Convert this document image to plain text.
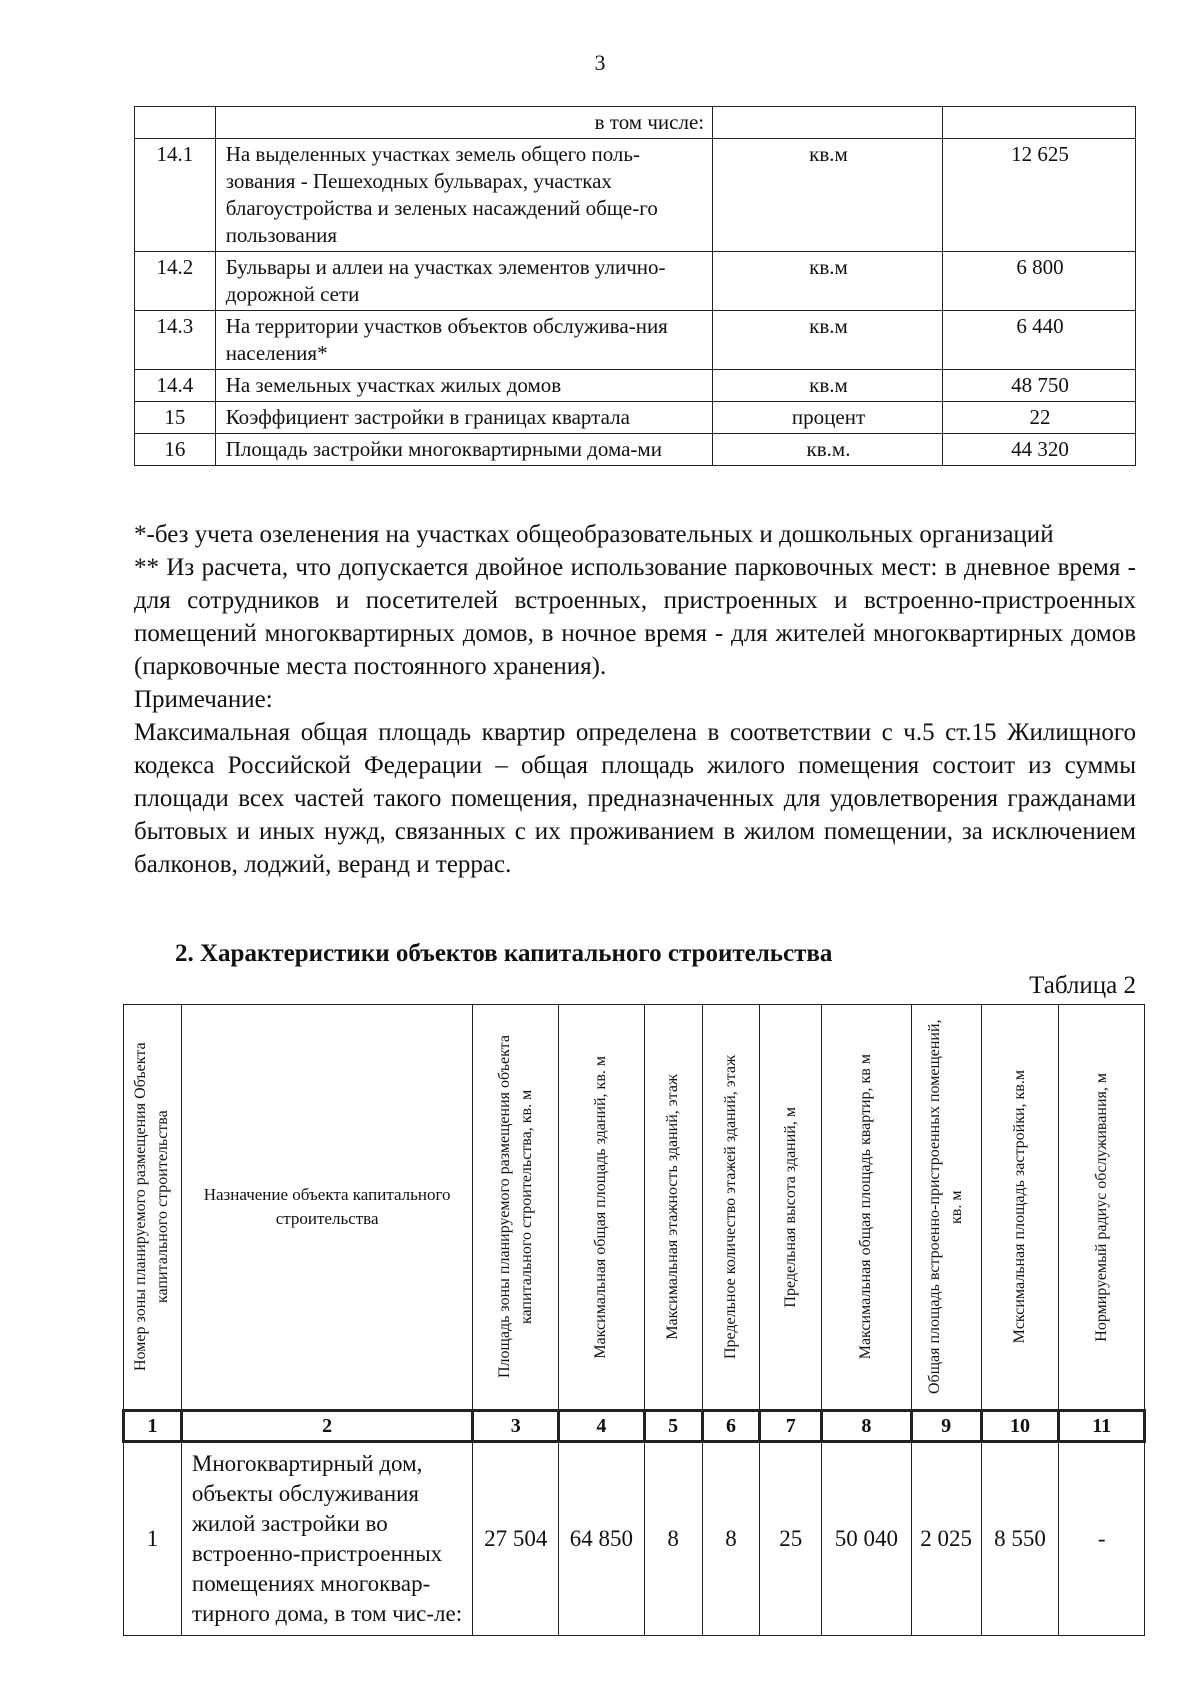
3
	в том числе:		
14.1	На выделенных участках земель общего поль-зования - Пешеходных бульварах, участках благоустройства и зеленых насаждений обще-го пользования	кв.м	12 625
14.2	Бульвары и аллеи на участках элементов улично-дорожной сети	кв.м	6 800
14.3	На территории участков объектов обслужива-ния населения*	кв.м	6 440
14.4	На земельных участках жилых домов	кв.м	48 750
15	Коэффициент застройки в границах квартала	процент	22
16	Площадь застройки многоквартирными дома-ми	кв.м.	44 320

*-без учета озеленения на участках общеобразовательных и дошкольных организаций

** Из расчета, что допускается двойное использование парковочных мест: в дневное время - для сотрудников и посетителей встроенных, пристроенных и встроенно-пристроенных помещений многоквартирных домов, в ночное время - для жителей многоквартирных домов (парковочные места постоянного хранения).

Примечание:

Максимальная общая площадь квартир определена в соответствии с ч.5 ст.15 Жилищного кодекса Российской Федерации – общая площадь жилого помещения состоит из суммы площади всех частей такого помещения, предназначенных для удовлетворения гражданами бытовых и иных нужд, связанных с их проживанием в жилом помещении, за исключением балконов, лоджий, веранд и террас.

2. Характеристики объектов капитального строительства
Таблица 2
Номер зоны планируемого размещения Объекта капитального строительства	Назначение объекта капитального строительства	Площадь зоны планируемого размещения объекта капитального строительства, кв. м	Максимальная общая площадь зданий, кв. м	Максимальная этажность зданий, этаж	Предельное количество этажей зданий, этаж	Предельная высота зданий, м	Максимальная общая площадь квартир, кв м	Общая площадь встроенно-пристроенных помещений, кв. м	Мсксимальная площадь застройки, кв.м	Нормируемый радиус обслуживания, м

1	2	3	4	5	6	7	8	9	10	11
1	Многоквартирный дом, объекты обслуживания жилой застройки во встроенно-пристроенных помещениях многоквар-тирного дома, в том чис-ле:	27 504	64 850	8	8	25	50 040	2 025	8 550	-
